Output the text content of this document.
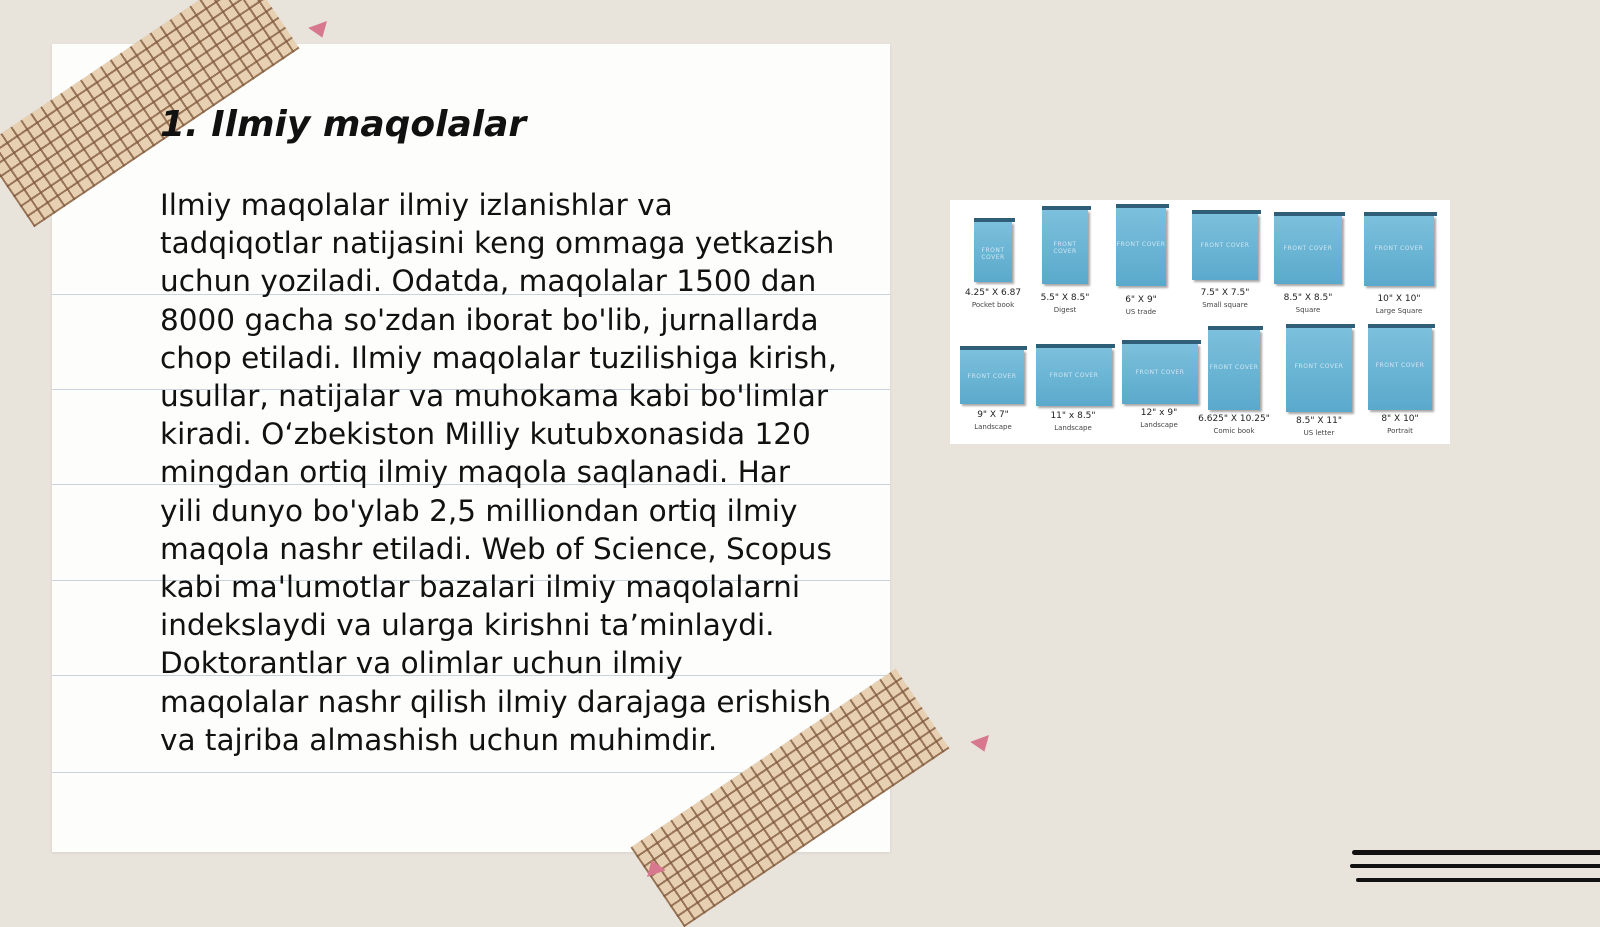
1. Ilmiy maqolalar

Ilmiy maqolalar ilmiy izlanishlar va tadqiqotlar natijasini keng ommaga yetkazish uchun yoziladi. Odatda, maqolalar 1500 dan 8000 gacha so'zdan iborat bo'lib, jurnallarda chop etiladi. Ilmiy maqolalar tuzilishiga kirish, usullar, natijalar va muhokama kabi bo'limlar kiradi. O‘zbekiston Milliy kutubxonasida 120 mingdan ortiq ilmiy maqola saqlanadi. Har yili dunyo bo'ylab 2,5 milliondan ortiq ilmiy maqola nashr etiladi. Web of Science, Scopus kabi ma'lumotlar bazalari ilmiy maqolalarni indekslaydi va ularga kirishni ta’minlaydi. Doktorantlar va olimlar uchun ilmiy maqolalar nashr qilish ilmiy darajaga erishish va tajriba almashish uchun muhimdir.

FRONT COVER
4.25" X 6.87
Pocket book
FRONT COVER
5.5" X 8.5"
Digest
FRONT COVER
6" X 9"
US trade
FRONT COVER
7.5" X 7.5"
Small square
FRONT COVER
8.5" X 8.5"
Square
FRONT COVER
10" X 10"
Large Square
FRONT COVER
9" X 7"
Landscape
FRONT COVER
11" x 8.5"
Landscape
FRONT COVER
12" x 9"
Landscape
FRONT COVER
6.625" X 10.25"
Comic book
FRONT COVER
8.5" X 11"
US letter
FRONT COVER
8" X 10"
Portrait
